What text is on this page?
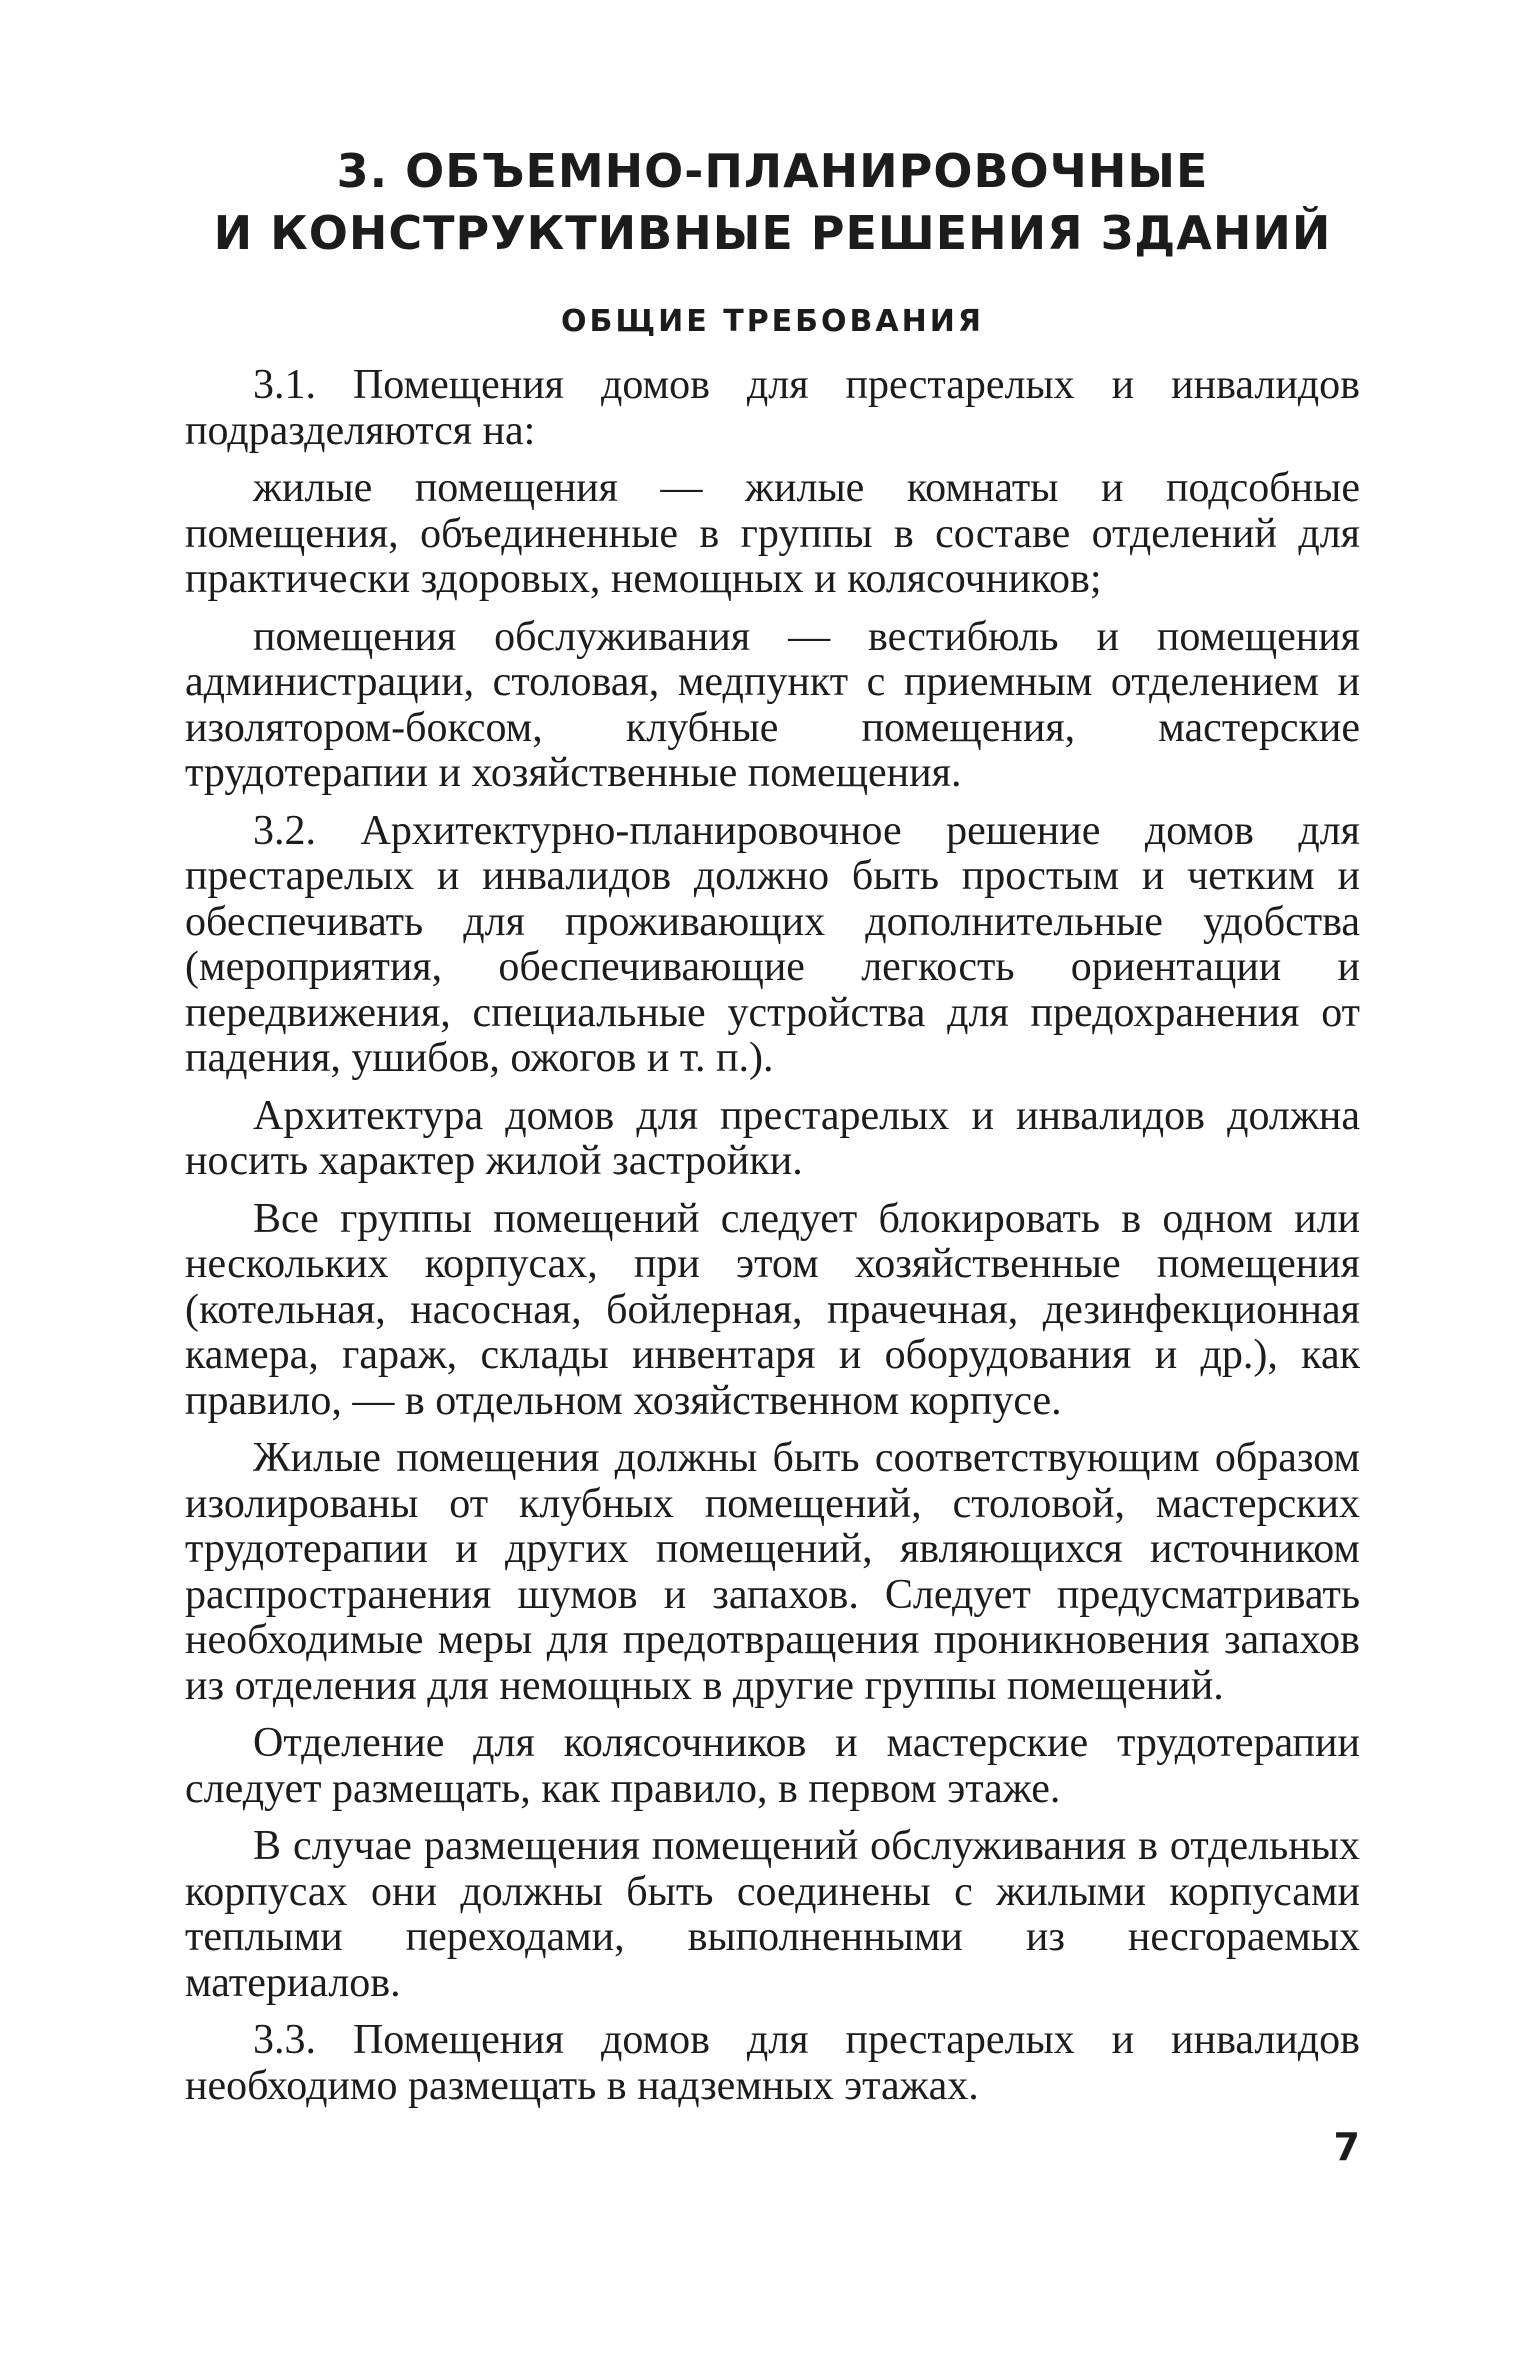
3. ОБЪЕМНО-ПЛАНИРОВОЧНЫЕ
И КОНСТРУКТИВНЫЕ РЕШЕНИЯ ЗДАНИЙ
ОБЩИЕ ТРЕБОВАНИЯ

3.1. Помещения домов для престарелых и инвалидов подразделяются на:

жилые помещения — жилые комнаты и подсобные помещения, объединенные в группы в составе отделений для практически здоровых, немощных и колясочников;

помещения обслуживания — вестибюль и помещения администрации, столовая, медпункт с приемным отделением и изолятором-боксом, клубные помещения, мастерские трудотерапии и хозяйственные помещения.

3.2. Архитектурно-планировочное решение домов для престарелых и инвалидов должно быть простым и четким и обеспечивать для проживающих дополнительные удобства (мероприятия, обеспечивающие легкость ориентации и передвижения, специальные устройства для предохранения от падения, ушибов, ожогов и т. п.).

Архитектура домов для престарелых и инвалидов должна носить характер жилой застройки.

Все группы помещений следует блокировать в одном или нескольких корпусах, при этом хозяйственные помещения (котельная, насосная, бойлерная, прачечная, дезинфекционная камера, гараж, склады инвентаря и оборудования и др.), как правило, — в отдельном хозяйственном корпусе.

Жилые помещения должны быть соответствующим образом изолированы от клубных помещений, столовой, мастерских трудотерапии и других помещений, являющихся источником распространения шумов и запахов. Следует предусматривать необходимые меры для предотвращения проникновения запахов из отделения для немощных в другие группы помещений.

Отделение для колясочников и мастерские трудотерапии следует размещать, как правило, в первом этаже.

В случае размещения помещений обслуживания в отдельных корпусах они должны быть соединены с жилыми корпусами теплыми переходами, выполненными из несгораемых материалов.

3.3. Помещения домов для престарелых и инвалидов необходимо размещать в надземных этажах.

7
